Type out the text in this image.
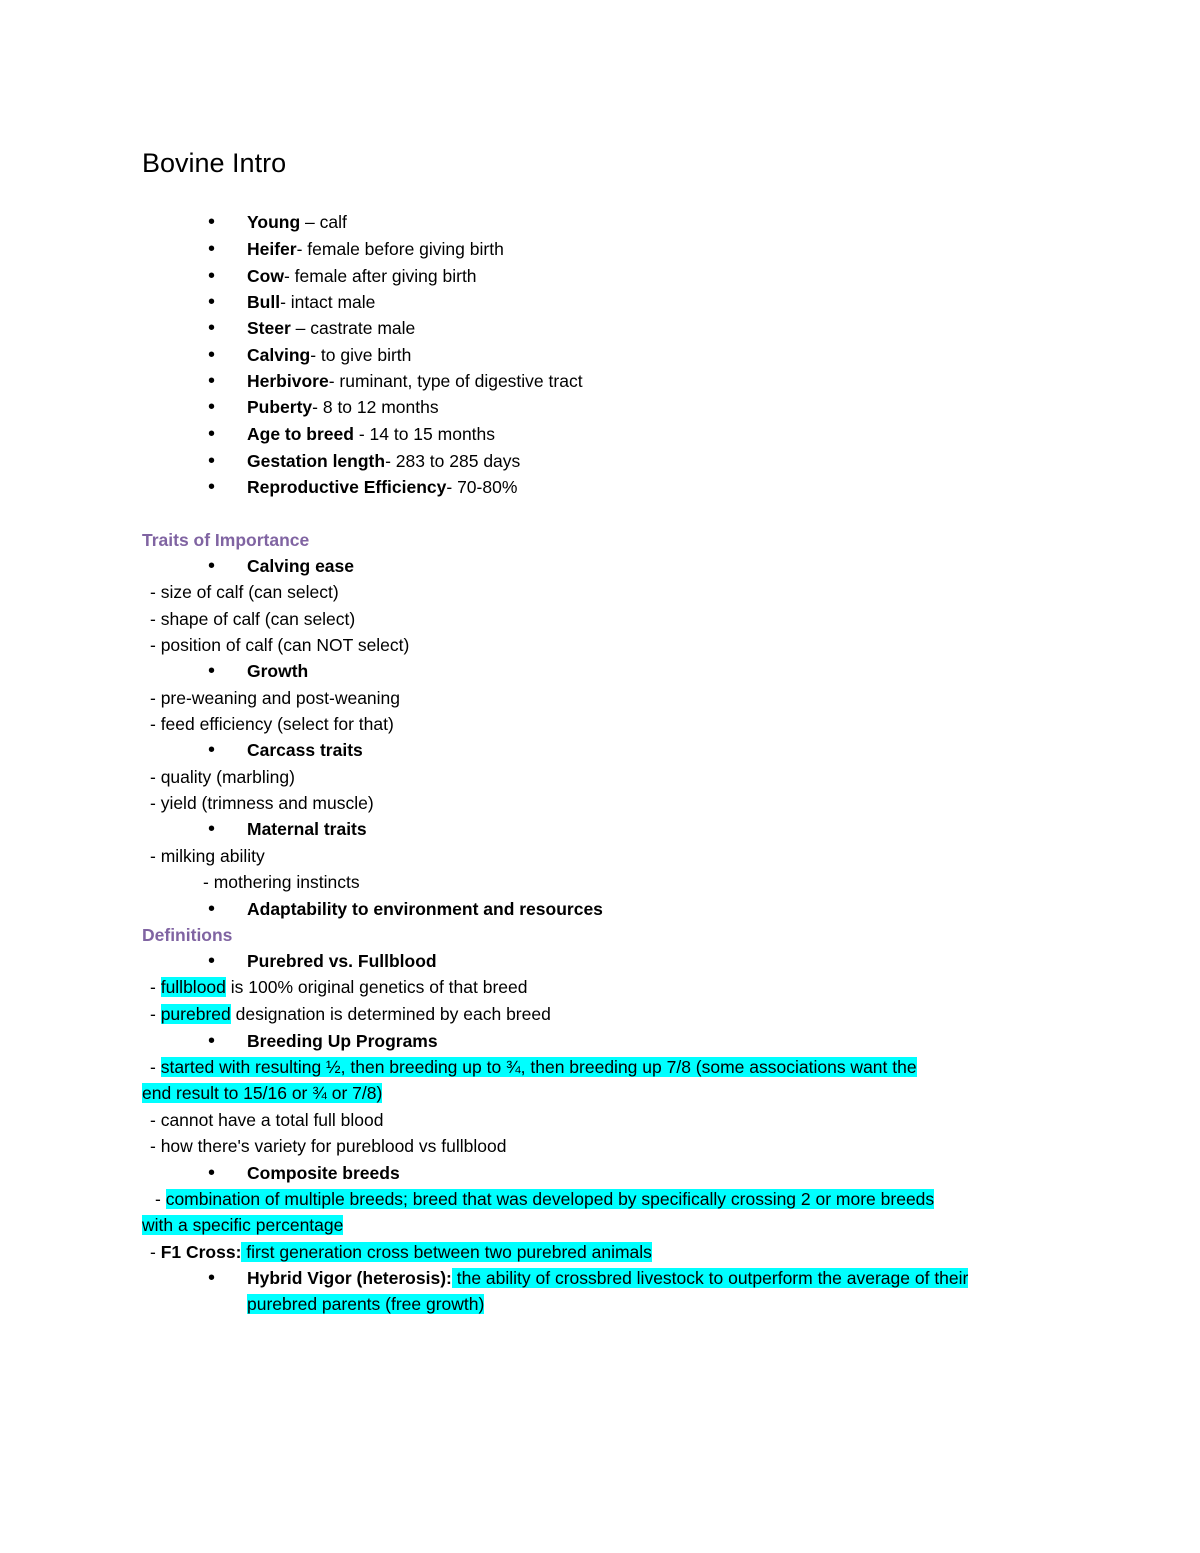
Bovine Intro
• Young – calf
• Heifer- female before giving birth
• Cow- female after giving birth
• Bull- intact male
• Steer – castrate male
• Calving- to give birth
• Herbivore- ruminant, type of digestive tract
• Puberty- 8 to 12 months
• Age to breed - 14 to 15 months
• Gestation length- 283 to 285 days
• Reproductive Efficiency- 70-80%
Traits of Importance
• Calving ease
- size of calf (can select)
- shape of calf (can select)
- position of calf (can NOT select)
• Growth
- pre-weaning and post-weaning
- feed efficiency (select for that)
• Carcass traits
- quality (marbling)
- yield (trimness and muscle)
• Maternal traits
- milking ability
- mothering instincts
• Adaptability to environment and resources
Definitions
• Purebred vs. Fullblood
- fullblood is 100% original genetics of that breed
- purebred designation is determined by each breed
• Breeding Up Programs
- started with resulting ½, then breeding up to ¾, then breeding up 7/8 (some associations want the
end result to 15/16 or ¾ or 7/8)
- cannot have a total full blood
- how there's variety for pureblood vs fullblood
• Composite breeds
- combination of multiple breeds; breed that was developed by specifically crossing 2 or more breeds
with a specific percentage
- F1 Cross: first generation cross between two purebred animals
• Hybrid Vigor (heterosis): the ability of crossbred livestock to outperform the average of their
purebred parents (free growth)
